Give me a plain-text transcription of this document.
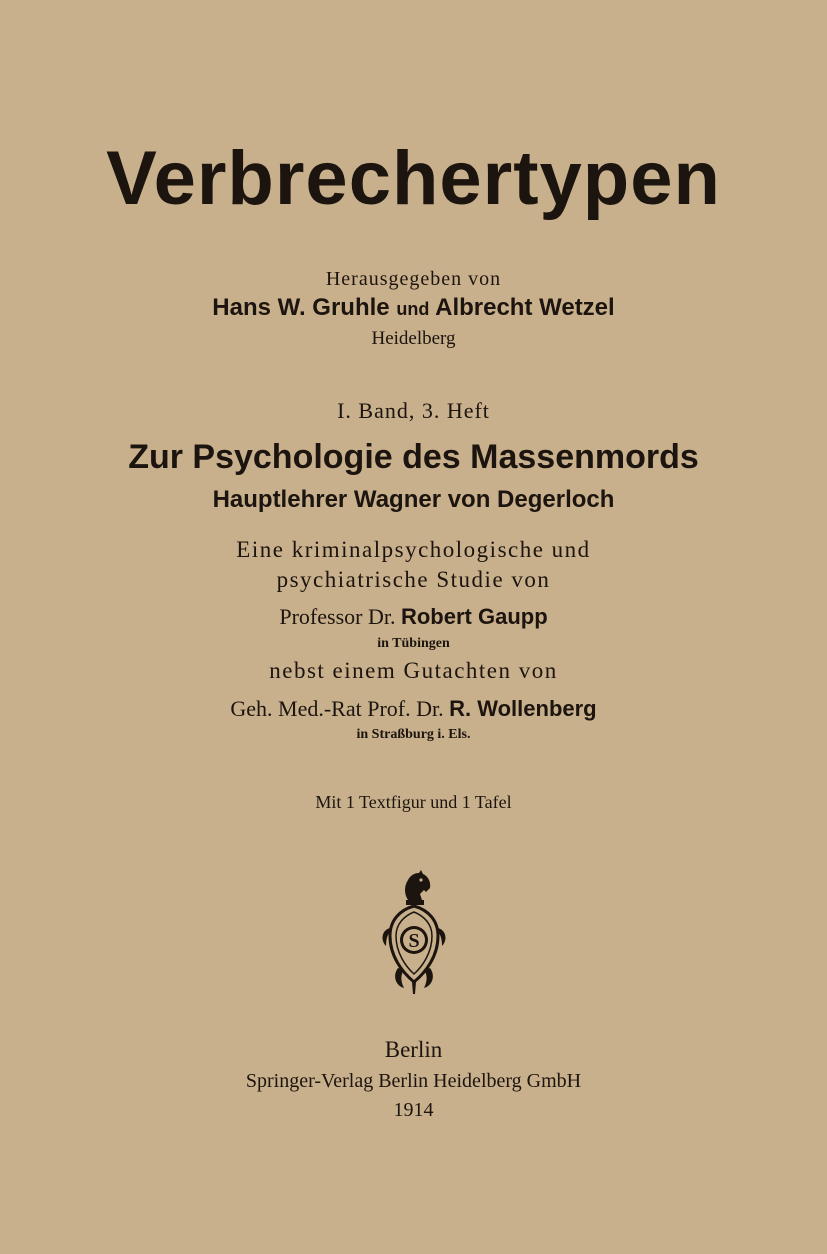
Verbrechertypen
Herausgegeben von
Hans W. Gruhle und Albrecht Wetzel
Heidelberg
I. Band, 3. Heft
Zur Psychologie des Massenmords
Hauptlehrer Wagner von Degerloch
Eine kriminalpsychologische und
psychiatrische Studie von
Professor Dr. Robert Gaupp
in Tübingen
nebst einem Gutachten von
Geh. Med.-Rat Prof. Dr. R. Wollenberg
in Straßburg i. Els.
Mit 1 Textfigur und 1 Tafel
S
Berlin
Springer-Verlag Berlin Heidelberg GmbH
1914
